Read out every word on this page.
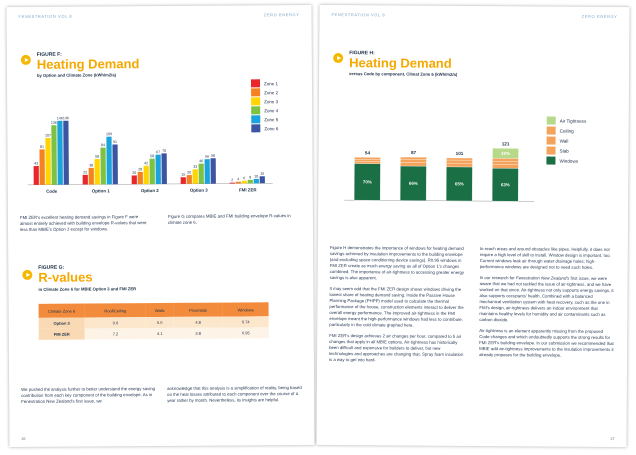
FENESTRATION VOL 8	ZERO ENERGY
FIGURE F:
Heating Demand
by Option and Climate Zone (kWh/m2/a)
43
81
107
136
146 146
Code
22
38
58
84
109
91
Option 1
20
28
42
58
67 70
Option 2
15
20
33
46
56 58
Option 3
2 4 6 8 10
16
FMI ZER
Zone 1
Zone 2
Zone 3
Zone 4
Zone 5
Zone 6
FMI ZER's excellent heating demand savings in Figure F were almost entirely achieved with building envelope R-values that were less than MBIE's Option 3 except for windows.
Figure G compares MBIE and FMI building envelope R-values in climate zone 6.
FIGURE G:
R-values
in Climate Zone 6 for MBIE Option 3 and FMI ZER
Climate Zone 6	Roof/Ceiling	Walls	Floor/slab	Windows
Option 3	9.0	5.0	4.8	0.74
FMI ZER	7.2	4.1	3.8	0.95
We pushed the analysis further to better understand the energy saving contribution from each key component of the building envelope. As in Fenestration New Zealand's first issue, we
acknowledge that this analysis is a simplification of reality, being based on the heat losses attributed to each component over the course of a year rather by month. Nevertheless, its insights are helpful.
26
FENESTRATION VOL 8	ZERO ENERGY
FIGURE H:
Heating Demand
versus Code by component, Climat Zone 6 (kWh/m2/a)
70%
54
66%
87
65%
101
63%
19%
121
Air Tightness
Ceiling
Wall
Slab
Windows

Figure H demonstrates the importance of windows for heating demand savings achieved by insulation improvements to the building envelope (and excluding space conditioning device savings). R0.95 windows in FMI ZER create as much energy saving as all of Option 1's changes combined. The importance of air-tightness to accessing greater energy savings is also apparent.

It may seem odd that the FMI ZER design shows windows driving the lowest share of heating demand saving. Inside the Passive House Planning Package (PHPP) model used to calculate the thermal performance of the house, construction elements interact to deliver the overall energy performance. The improved air-tightness in the FMI envelope meant the high-performance windows had less to contribute, particularly in the cold climate graphed here.

FMI ZER's design achieves 2 air changes per hour, compared to 5 air changes that apply in all MBIE options. Air-tightness has historically been difficult and expensive for builders to deliver, but new technologies and approaches are changing that. Spray foam insulation is a way to get into hard-

to-reach areas and around obstacles like pipes. Helpfully, it does not require a high level of skill to install. Window design is important, too. Current windows leak air through water drainage holes; high-performance windows are designed not to need such holes.

In our research for Fenestration New Zealand's first issue, we were aware that we had not tackled the issue of air-tightness, and we have worked on that since. Air-tightness not only supports energy savings, it also supports occupants' health. Combined with a balanced mechanical ventilation system with heat recovery, such as the one in FMI's design, air-tightness delivers an indoor environment that maintains healthy levels for humidity and air contaminants such as carbon dioxide.

Air-tightness is an element apparently missing from the proposed Code changes and which undoubtedly supports the strong results for FMI ZER's building envelope. In our submission we recommended that MBIE add air-tightness improvements to the insulation improvements it already proposes for the building envelope.

27
